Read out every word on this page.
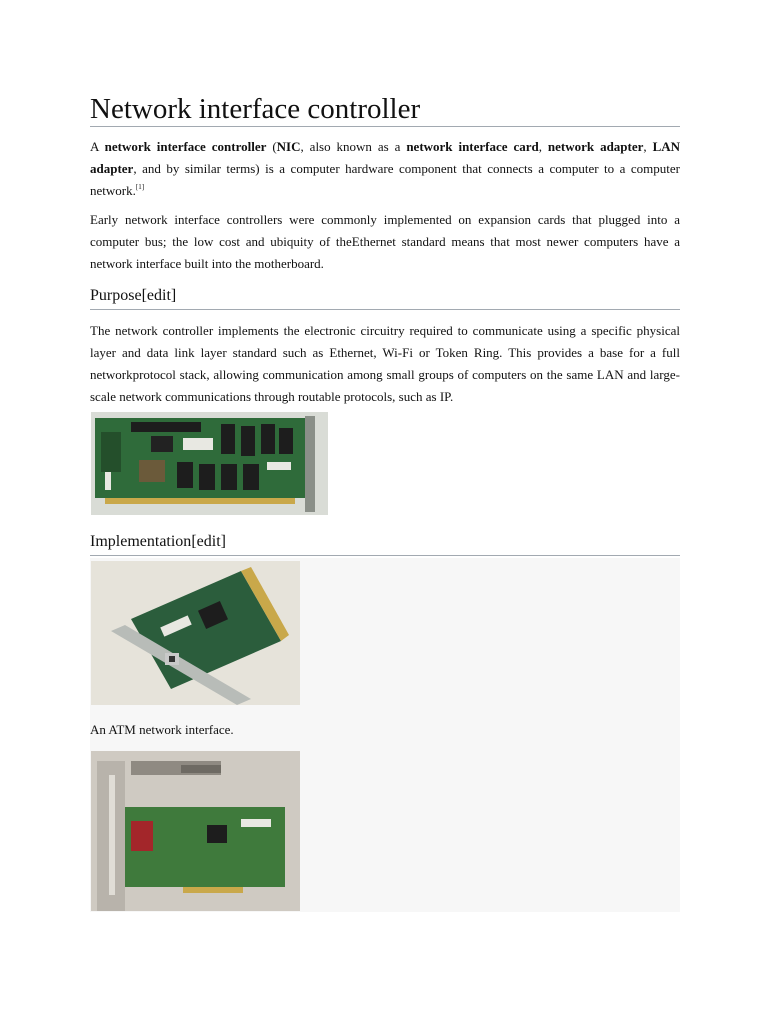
Network interface controller

A network interface controller (NIC, also known as a network interface card, network adapter, LAN adapter, and by similar terms) is a computer hardware component that connects a computer to a computer network.[1]

Early network interface controllers were commonly implemented on expansion cards that plugged into a computer bus; the low cost and ubiquity of theEthernet standard means that most newer computers have a network interface built into the motherboard.

Purpose[edit]

The network controller implements the electronic circuitry required to communicate using a specific physical layer and data link layer standard such as Ethernet, Wi-Fi or Token Ring. This provides a base for a full networkprotocol stack, allowing communication among small groups of computers on the same LAN and large-scale network communications through routable protocols, such as IP.

Implementation[edit]
An ATM network interface.
